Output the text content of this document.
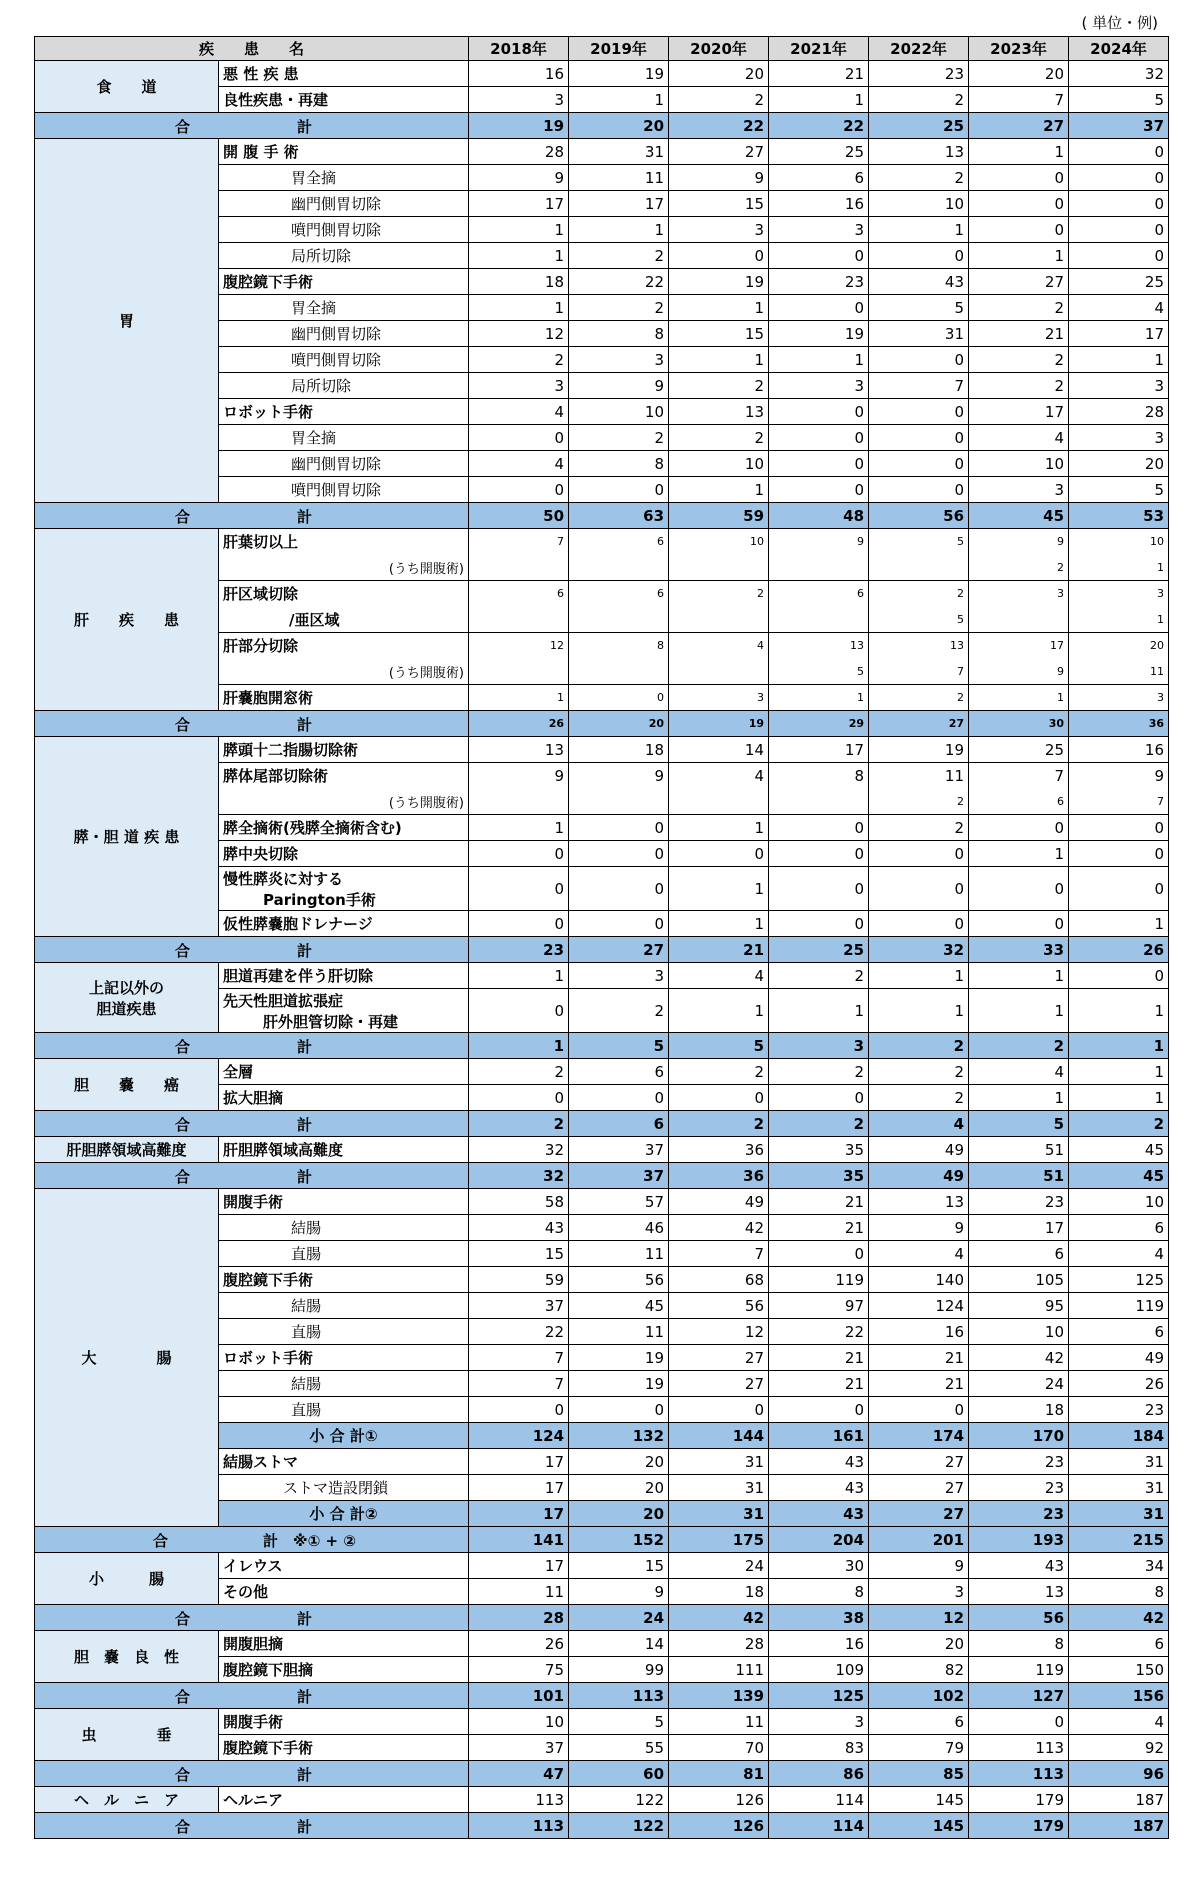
( 単位・例)
疾　　患　　名		2018年	2019年	2020年	2021年	2022年	2023年	2024年

食　　道	悪 性 疾 患	16	19	20	21	23	20	32
	良性疾患・再建	3	1	2	1	2	7	5

合 計		19	20	22	22	25	27	37

胃	開 腹 手 術	28	31	27	25	13	1	0
	胃全摘	9	11	9	6	2	0	0
	幽門側胃切除	17	17	15	16	10	0	0
	噴門側胃切除	1	1	3	3	1	0	0
	局所切除	1	2	0	0	0	1	0
	腹腔鏡下手術	18	22	19	23	43	27	25
	胃全摘	1	2	1	0	5	2	4
	幽門側胃切除	12	8	15	19	31	21	17
	噴門側胃切除	2	3	1	1	0	2	1
	局所切除	3	9	2	3	7	2	3
	ロボット手術	4	10	13	0	0	17	28
	胃全摘	0	2	2	0	0	4	3
	幽門側胃切除	4	8	10	0	0	10	20
	噴門側胃切除	0	0	1	0	0	3	5

合 計		50	63	59	48	56	45	53

肝　　疾　　患	肝葉切以上	7	6	10	9	5	9	10
	(うち開腹術)						2	1
	肝区域切除	6	6	2	6	2	3	3
	/亜区域					5		1
	肝部分切除	12	8	4	13	13	17	20
	(うち開腹術)				5	7	9	11
	肝嚢胞開窓術	1	0	3	1	2	1	3

合 計		26	20	19	29	27	30	36

膵・胆 道 疾 患	膵頭十二指腸切除術	13	18	14	17	19	25	16
	膵体尾部切除術	9	9	4	8	11	7	9
	(うち開腹術)					2	6	7
	膵全摘術(残膵全摘術含む)	1	0	1	0	2	0	0
	膵中央切除	0	0	0	0	0	1	0

	慢性膵炎に対する
Parington手術	0	0	1	0	0	0	0
	仮性膵嚢胞ドレナージ	0	0	1	0	0	0	1

合 計		23	27	21	25	32	33	26

上記以外の
胆道疾患	胆道再建を伴う肝切除	1	3	4	2	1	1	0

	先天性胆道拡張症
肝外胆管切除・再建	0	2	1	1	1	1	1

合 計		1	5	5	3	2	2	1

胆　　嚢　　癌	全層	2	6	2	2	2	4	1
	拡大胆摘	0	0	0	0	2	1	1

合 計		2	6	2	2	4	5	2

肝胆膵領域高難度	肝胆膵領域高難度	32	37	36	35	49	51	45

合 計		32	37	36	35	49	51	45

大　　　　腸	開腹手術	58	57	49	21	13	23	10
	結腸	43	46	42	21	9	17	6
	直腸	15	11	7	0	4	6	4
	腹腔鏡下手術	59	56	68	119	140	105	125
	結腸	37	45	56	97	124	95	119
	直腸	22	11	12	22	16	10	6
	ロボット手術	7	19	27	21	21	42	49
	結腸	7	19	27	21	21	24	26
	直腸	0	0	0	0	0	18	23
	小 合 計①	124	132	144	161	174	170	184
	結腸ストマ	17	20	31	43	27	23	31
	ストマ造設閉鎖	17	20	31	43	27	23	31
	小 合 計②	17	20	31	43	27	23	31

合 計　※① + ②		141	152	175	204	201	193	215

小　　　腸	イレウス	17	15	24	30	9	43	34
	その他	11	9	18	8	3	13	8

合 計		28	24	42	38	12	56	42

胆　嚢　良　性	開腹胆摘	26	14	28	16	20	8	6
	腹腔鏡下胆摘	75	99	111	109	82	119	150

合 計		101	113	139	125	102	127	156

虫　　　　垂	開腹手術	10	5	11	3	6	0	4
	腹腔鏡下手術	37	55	70	83	79	113	92

合 計		47	60	81	86	85	113	96

ヘ　ル　ニ　ア	ヘルニア	113	122	126	114	145	179	187

合 計		113	122	126	114	145	179	187
